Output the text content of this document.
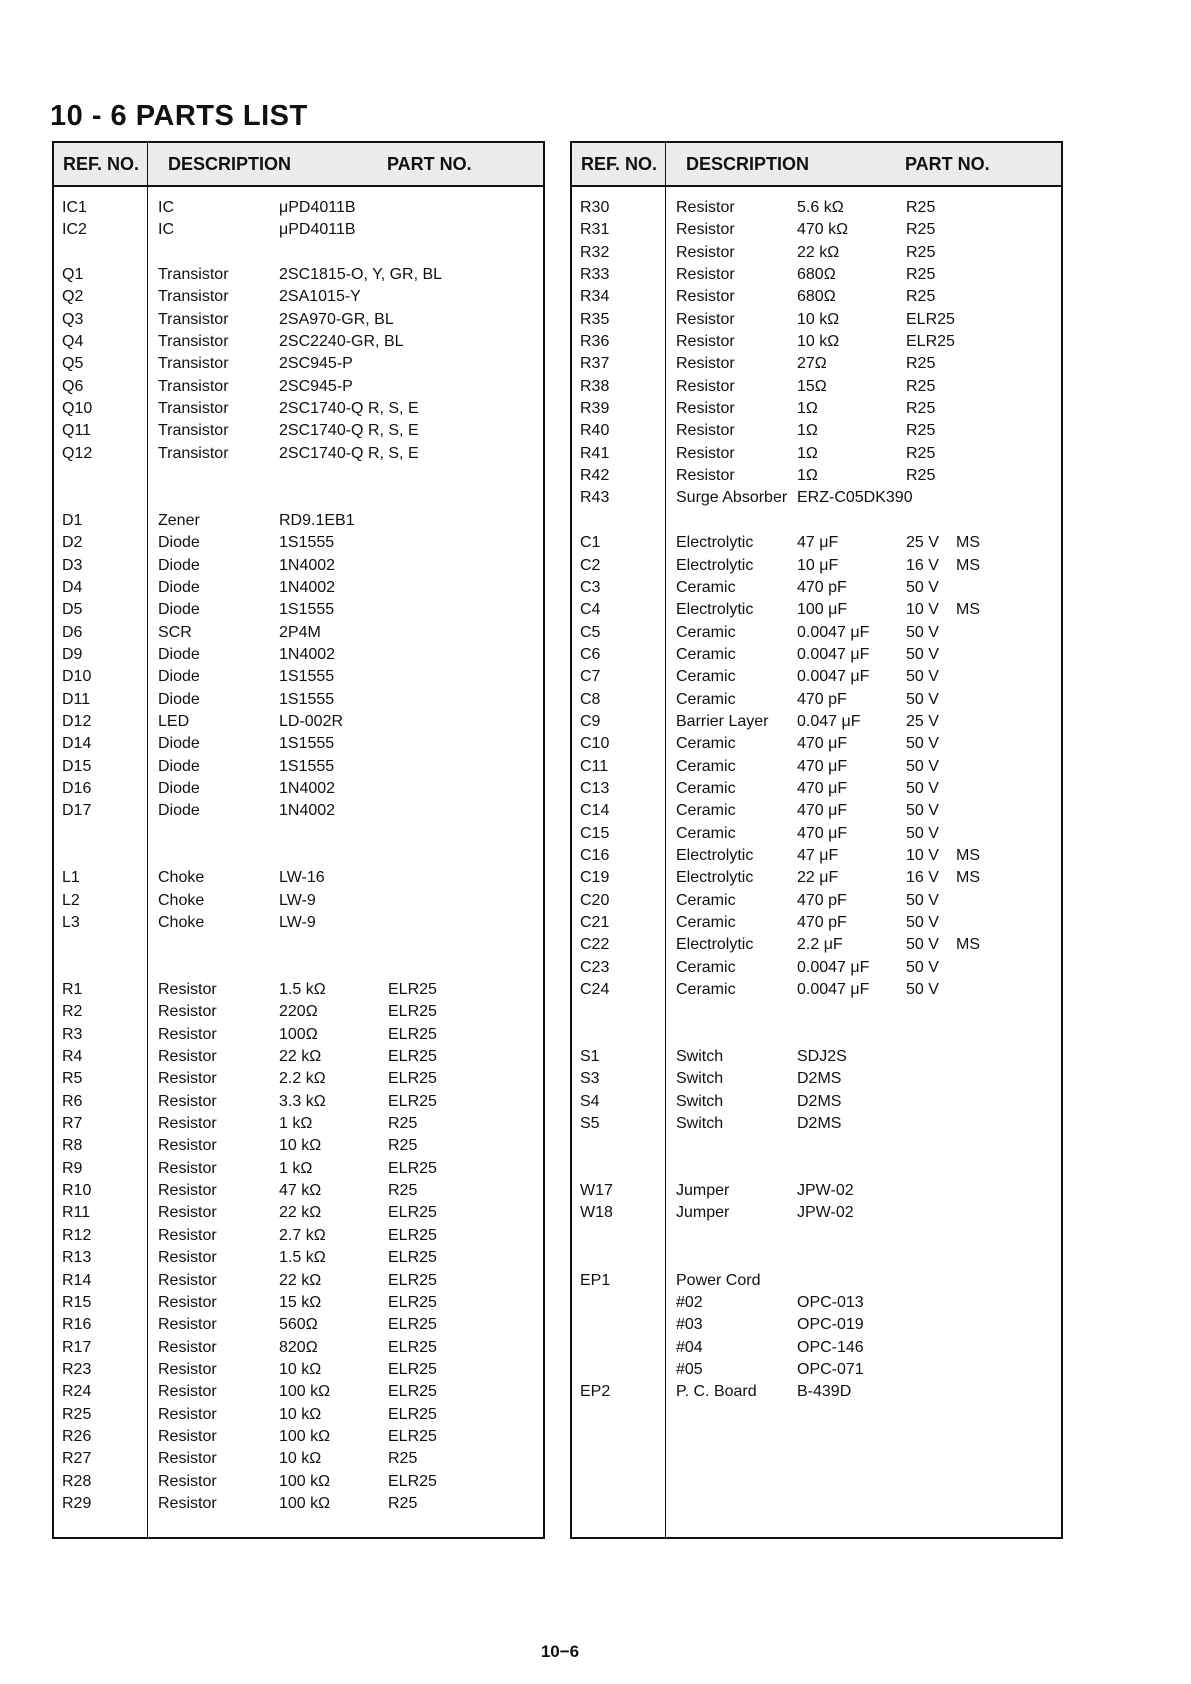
10 - 6 PARTS LIST
REF. NO. DESCRIPTION	PART NO.
IC1	IC	μPD4011B
IC2	IC	μPD4011B
Q1	Transistor	2SC1815-O, Y, GR, BL
Q2	Transistor	2SA1015-Y
Q3	Transistor	2SA970-GR, BL
Q4	Transistor	2SC2240-GR, BL
Q5	Transistor	2SC945-P
Q6	Transistor	2SC945-P
Q10	Transistor	2SC1740-Q R, S, E
Q11	Transistor	2SC1740-Q R, S, E
Q12	Transistor	2SC1740-Q R, S, E
D1	Zener	RD9.1EB1
D2	Diode	1S1555
D3	Diode	1N4002
D4	Diode	1N4002
D5	Diode	1S1555
D6	SCR	2P4M
D9	Diode	1N4002
D10	Diode	1S1555
D11	Diode	1S1555
D12	LED	LD-002R
D14	Diode	1S1555
D15	Diode	1S1555
D16	Diode	1N4002
D17	Diode	1N4002
L1	Choke	LW-16
L2	Choke	LW-9
L3	Choke	LW-9
R1	Resistor	1.5 kΩ	ELR25
R2	Resistor	220Ω	ELR25
R3	Resistor	100Ω	ELR25
R4	Resistor	22 kΩ	ELR25
R5	Resistor	2.2 kΩ	ELR25
R6	Resistor	3.3 kΩ	ELR25
R7	Resistor	1 kΩ	R25
R8	Resistor	10 kΩ	R25
R9	Resistor	1 kΩ	ELR25
R10	Resistor	47 kΩ	R25
R11	Resistor	22 kΩ	ELR25
R12	Resistor	2.7 kΩ	ELR25
R13	Resistor	1.5 kΩ	ELR25
R14	Resistor	22 kΩ	ELR25
R15	Resistor	15 kΩ	ELR25
R16	Resistor	560Ω	ELR25
R17	Resistor	820Ω	ELR25
R23	Resistor	10 kΩ	ELR25
R24	Resistor	100 kΩ	ELR25
R25	Resistor	10 kΩ	ELR25
R26	Resistor	100 kΩ	ELR25
R27	Resistor	10 kΩ	R25
R28	Resistor	100 kΩ	ELR25
R29	Resistor	100 kΩ	R25
REF. NO. DESCRIPTION	PART NO.
R30	Resistor	5.6 kΩ	R25
R31	Resistor	470 kΩ	R25
R32	Resistor	22 kΩ	R25
R33	Resistor	680Ω	R25
R34	Resistor	680Ω	R25
R35	Resistor	10 kΩ	ELR25
R36	Resistor	10 kΩ	ELR25
R37	Resistor	27Ω	R25
R38	Resistor	15Ω	R25
R39	Resistor	1Ω	R25
R40	Resistor	1Ω	R25
R41	Resistor	1Ω	R25
R42	Resistor	1Ω	R25
R43	Surge Absorber ERZ-C05DK390
C1	Electrolytic	47 μF	25 V MS
C2	Electrolytic	10 μF	16 V MS
C3	Ceramic	470 pF	50 V
C4	Electrolytic	100 μF	10 V MS
C5	Ceramic	0.0047 μF 50 V
C6	Ceramic	0.0047 μF 50 V
C7	Ceramic	0.0047 μF 50 V
C8	Ceramic	470 pF	50 V
C9	Barrier Layer 0.047 μF	25 V
C10	Ceramic	470 μF	50 V
C11	Ceramic	470 μF	50 V
C13	Ceramic	470 μF	50 V
C14	Ceramic	470 μF	50 V
C15	Ceramic	470 μF	50 V
C16	Electrolytic	47 μF	10 V MS
C19	Electrolytic	22 μF	16 V MS
C20	Ceramic	470 pF	50 V
C21	Ceramic	470 pF	50 V
C22	Electrolytic	2.2 μF	50 V MS
C23	Ceramic	0.0047 μF 50 V
C24	Ceramic	0.0047 μF 50 V
S1	Switch	SDJ2S
S3	Switch	D2MS
S4	Switch	D2MS
S5	Switch	D2MS
W17	Jumper	JPW-02
W18	Jumper	JPW-02
EP1	Power Cord
#02	OPC-013
#03	OPC-019
#04	OPC-146
#05	OPC-071
EP2	P. C. Board	B-439D
10−6
